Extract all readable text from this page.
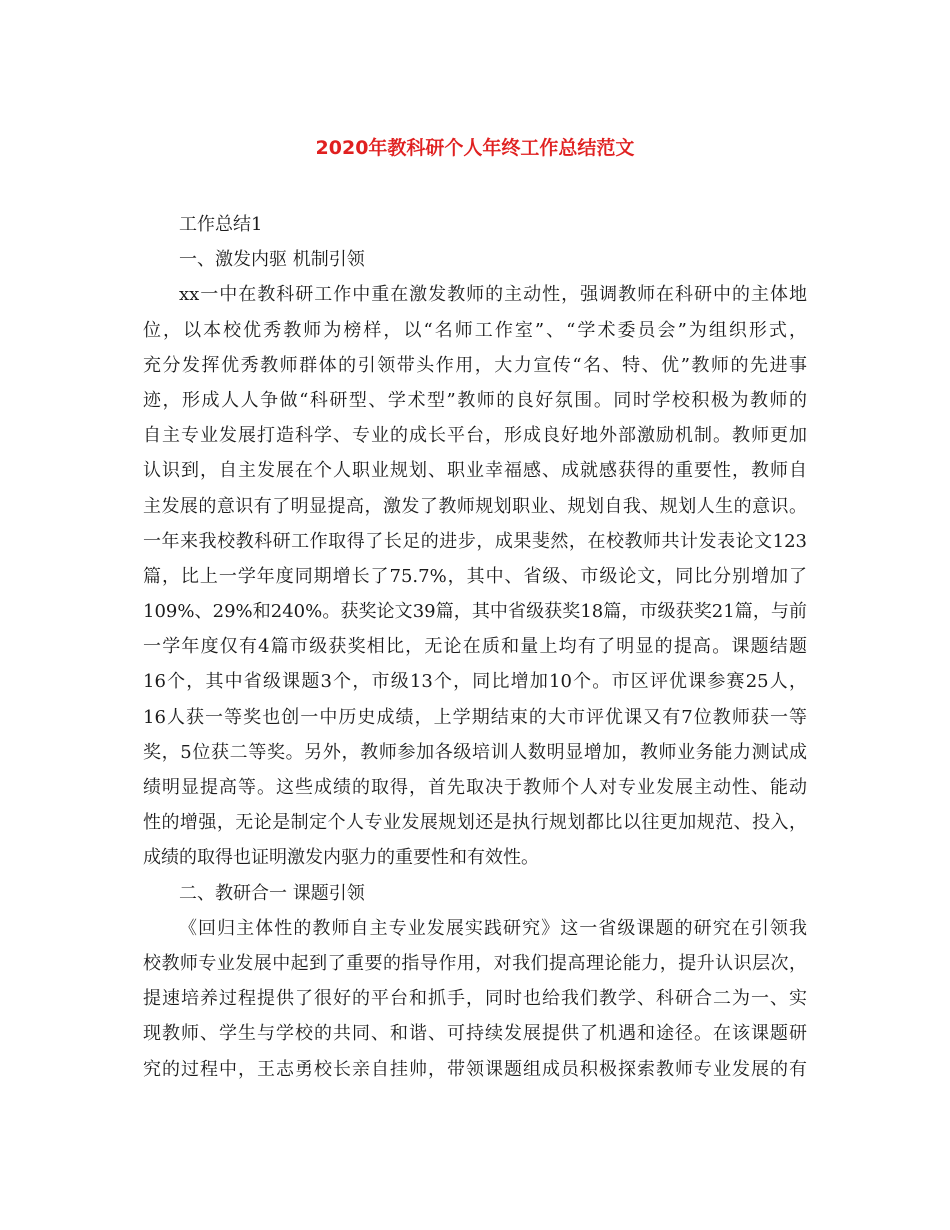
2020年教科研个人年终工作总结范文
工作总结1
一、激发内驱 机制引领
xx一中在教科研工作中重在激发教师的主动性，强调教师在科研中的主体地
位，以本校优秀教师为榜样，以“名师工作室”、“学术委员会”为组织形式，
充分发挥优秀教师群体的引领带头作用，大力宣传“名、特、优”教师的先进事
迹，形成人人争做“科研型、学术型”教师的良好氛围。同时学校积极为教师的
自主专业发展打造科学、专业的成长平台，形成良好地外部激励机制。教师更加
认识到，自主发展在个人职业规划、职业幸福感、成就感获得的重要性，教师自
主发展的意识有了明显提高，激发了教师规划职业、规划自我、规划人生的意识。
一年来我校教科研工作取得了长足的进步，成果斐然，在校教师共计发表论文123
篇，比上一学年度同期增长了75.7%，其中、省级、市级论文，同比分别增加了
109%、29%和240%。获奖论文39篇，其中省级获奖18篇，市级获奖21篇，与前
一学年度仅有4篇市级获奖相比，无论在质和量上均有了明显的提高。课题结题
16个，其中省级课题3个，市级13个，同比增加10个。市区评优课参赛25人，
16人获一等奖也创一中历史成绩，上学期结束的大市评优课又有7位教师获一等
奖，5位获二等奖。另外，教师参加各级培训人数明显增加，教师业务能力测试成
绩明显提高等。这些成绩的取得，首先取决于教师个人对专业发展主动性、能动
性的增强，无论是制定个人专业发展规划还是执行规划都比以往更加规范、投入，
成绩的取得也证明激发内驱力的重要性和有效性。
二、教研合一 课题引领
《回归主体性的教师自主专业发展实践研究》这一省级课题的研究在引领我
校教师专业发展中起到了重要的指导作用，对我们提高理论能力，提升认识层次，
提速培养过程提供了很好的平台和抓手，同时也给我们教学、科研合二为一、实
现教师、学生与学校的共同、和谐、可持续发展提供了机遇和途径。在该课题研
究的过程中，王志勇校长亲自挂帅，带领课题组成员积极探索教师专业发展的有
